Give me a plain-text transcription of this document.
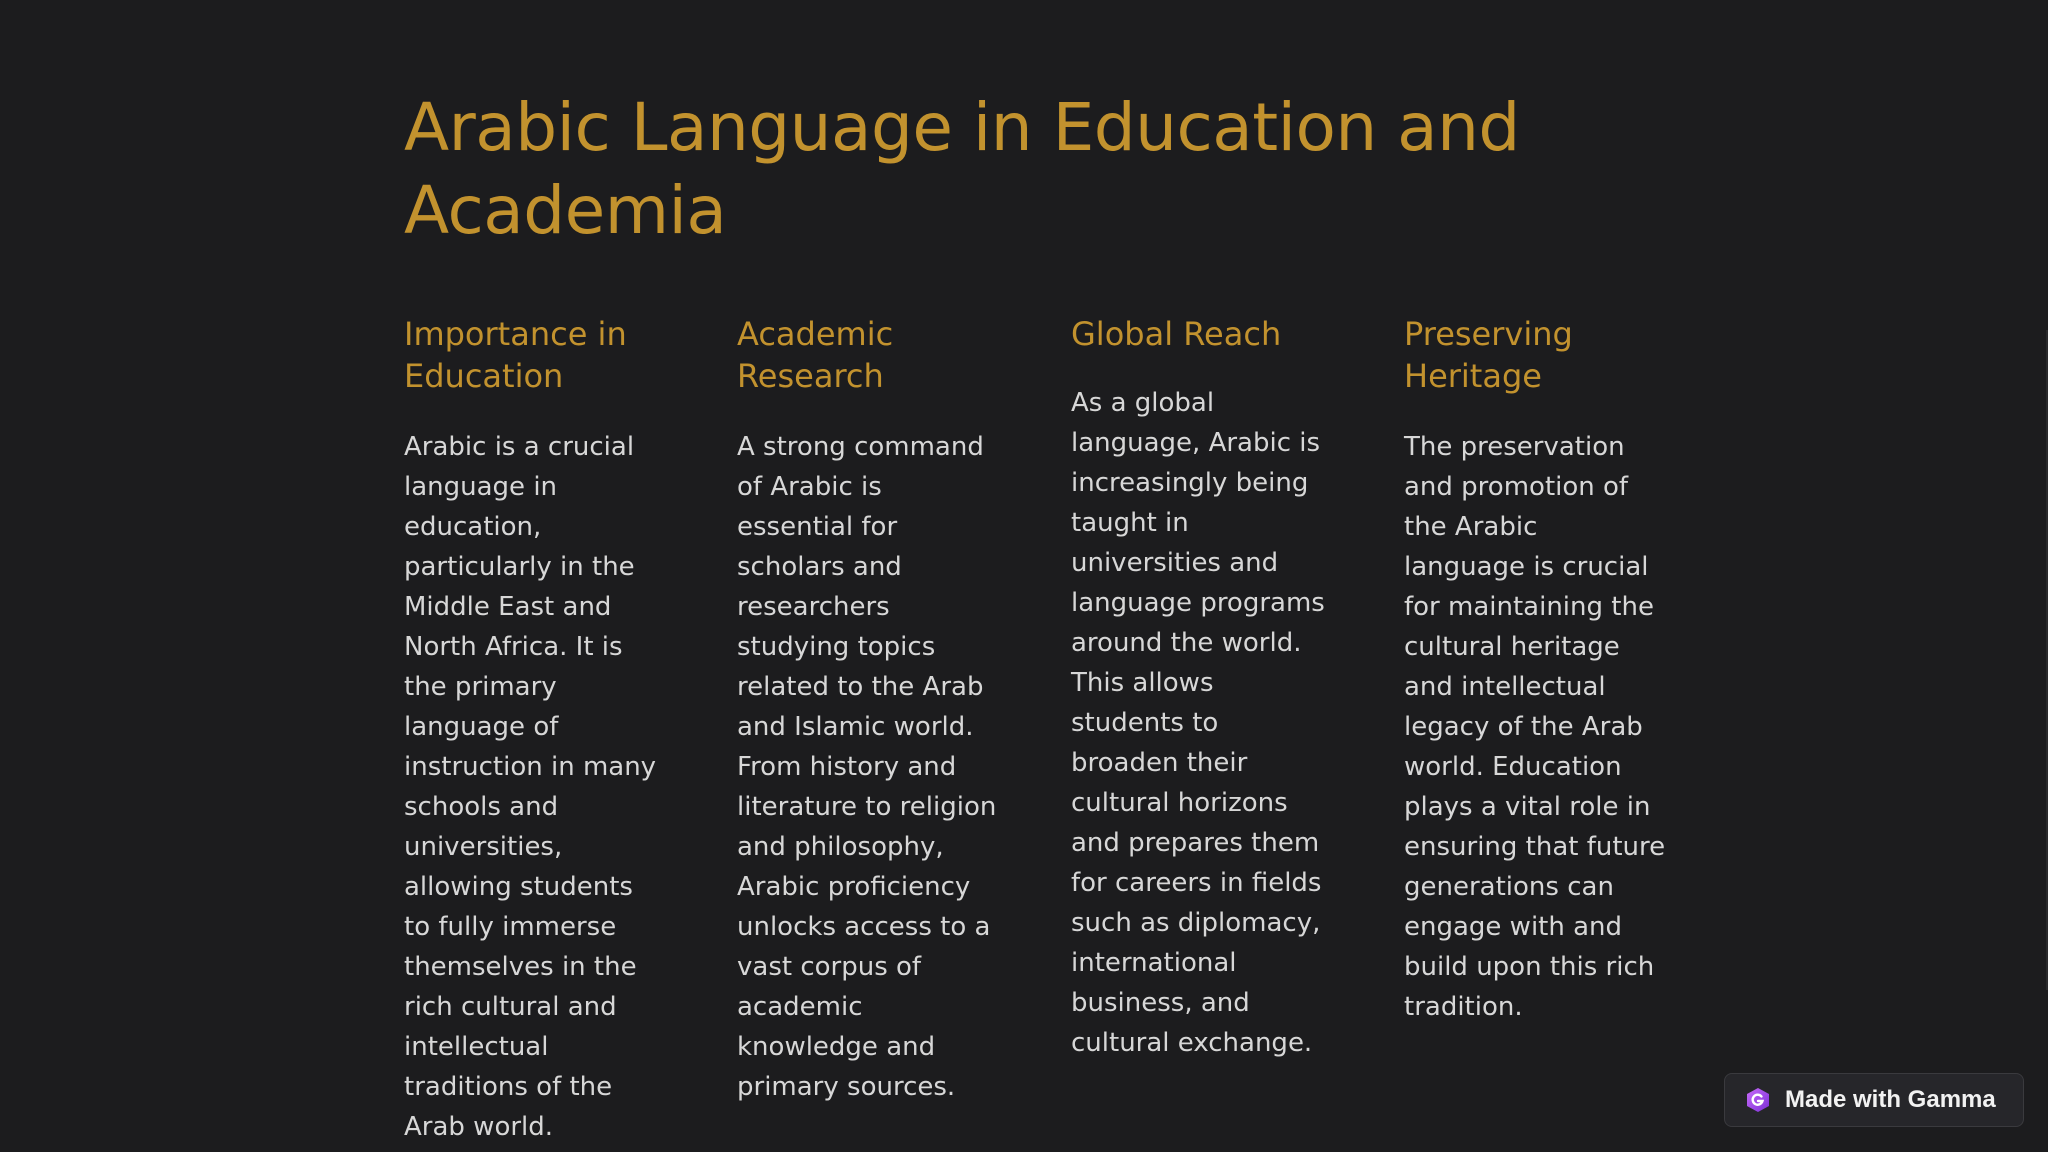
Arabic Language in Education and Academia
Importance in Education

Arabic is a crucial language in education, particularly in the Middle East and North Africa. It is the primary language of instruction in many schools and universities, allowing students to fully immerse themselves in the rich cultural and intellectual traditions of the Arab world.

Academic Research

A strong command of Arabic is essential for scholars and researchers studying topics related to the Arab and Islamic world. From history and literature to religion and philosophy, Arabic proficiency unlocks access to a vast corpus of academic knowledge and primary sources.

Global Reach

As a global language, Arabic is increasingly being taught in universities and language programs around the world. This allows students to broaden their cultural horizons and prepares them for careers in fields such as diplomacy, international business, and cultural exchange.

Preserving Heritage

The preservation and promotion of the Arabic language is crucial for maintaining the cultural heritage and intellectual legacy of the Arab world. Education plays a vital role in ensuring that future generations can engage with and build upon this rich tradition.

Made with Gamma
